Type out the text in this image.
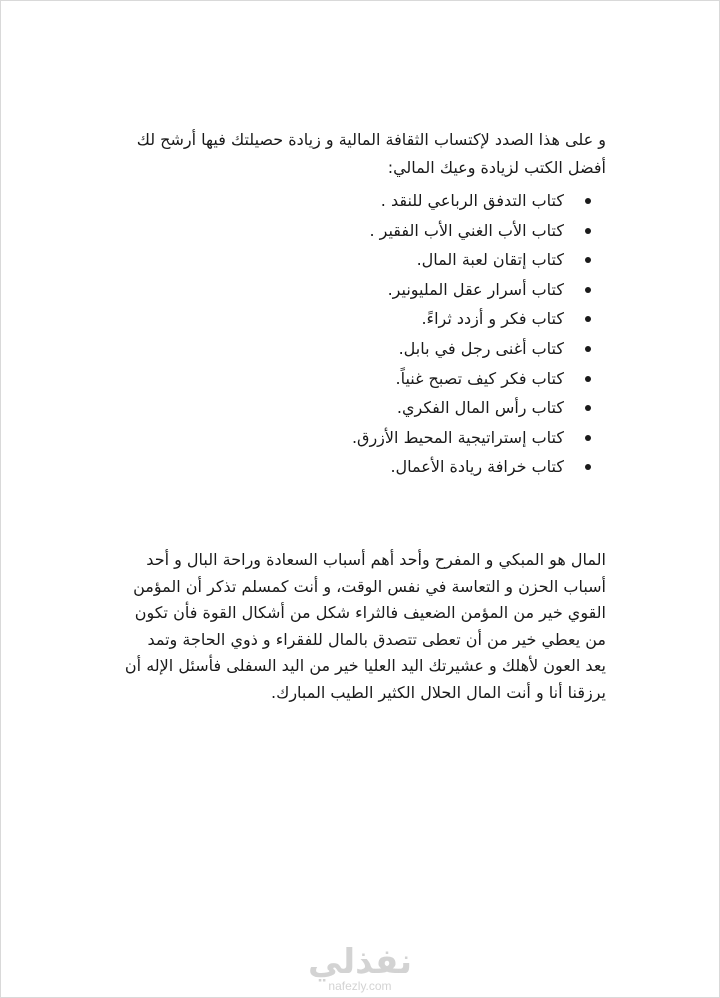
و على هذا الصدد لإكتساب الثقافة المالية و زيادة حصيلتك فيها أرشح لك أفضل الكتب لزيادة وعيك المالي:

كتاب التدفق الرباعي للنقد .
كتاب الأب الغني الأب الفقير .
كتاب إتقان لعبة المال.
كتاب أسرار عقل المليونير.
كتاب فكر و أزدد ثراءً.
كتاب أغنى رجل في بابل.
كتاب فكر كيف تصبح غنياً.
كتاب رأس المال الفكري.
كتاب إستراتيجية المحيط الأزرق.
كتاب خرافة ريادة الأعمال.

المال هو المبكي و المفرح وأحد أهم أسباب السعادة وراحة البال و أحد أسباب الحزن و التعاسة في نفس الوقت، و أنت كمسلم تذكر أن المؤمن القوي خير من المؤمن الضعيف فالثراء شكل من أشكال القوة فأن تكون من يعطي خير من أن تعطى تتصدق بالمال للفقراء و ذوي الحاجة وتمد يعد العون لأهلك و عشيرتك اليد العليا خير من اليد السفلى فأسئل الإله أن يرزقنا أنا و أنت المال الحلال الكثير الطيب المبارك.

نفذلي
nafezly.com
